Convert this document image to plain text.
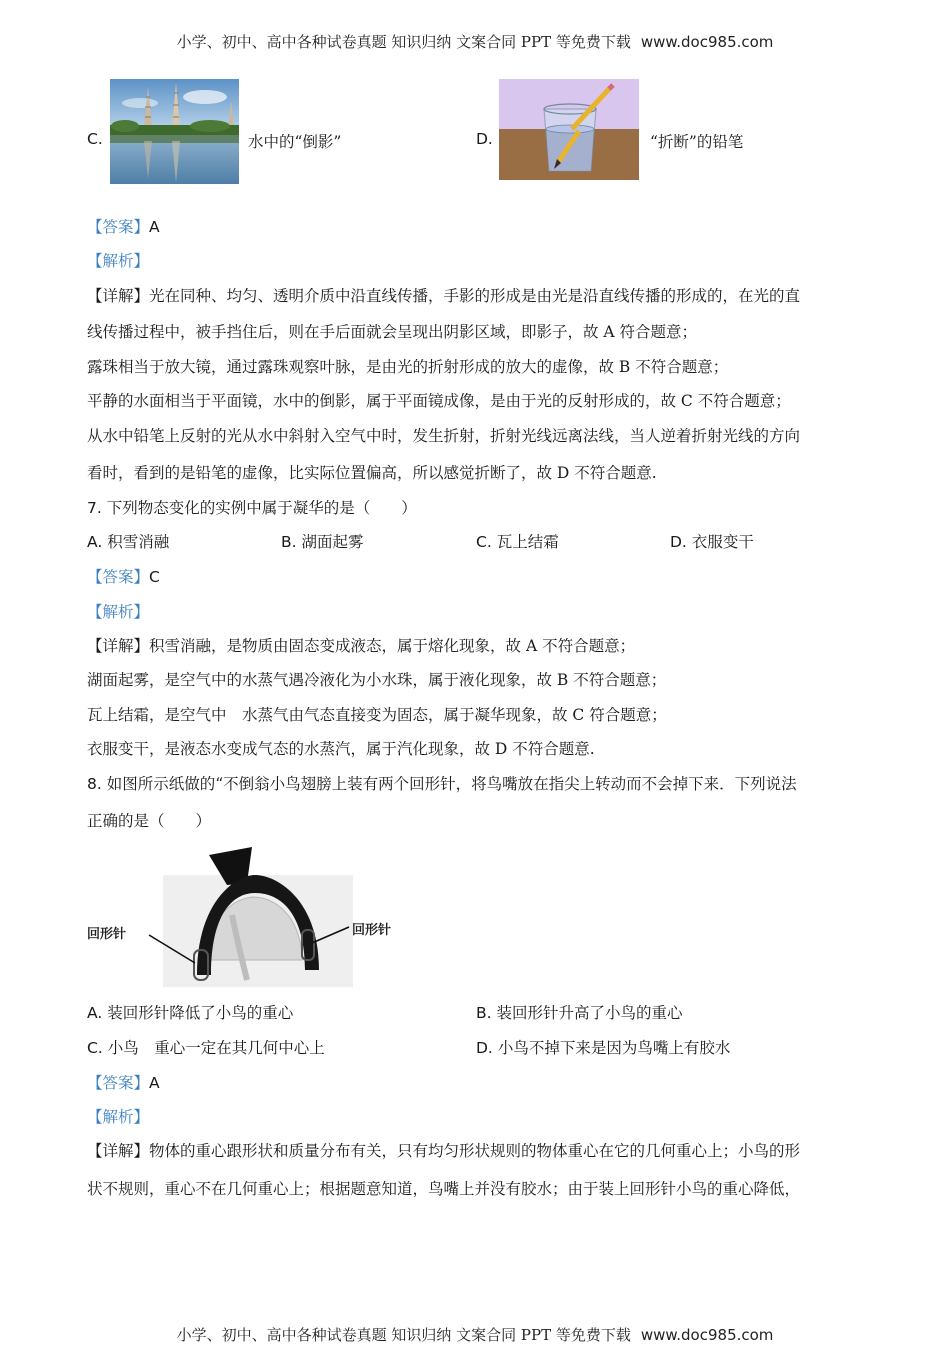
小学、初中、高中各种试卷真题 知识归纳 文案合同 PPT 等免费下载 www.doc985.com
C.	水中的“倒影”	D.	“折断”的铅笔
【答案】A
【解析】
【详解】光在同种、均匀、透明介质中沿直线传播，手影的形成是由光是沿直线传播的形成的，在光的直
线传播过程中，被手挡住后，则在手后面就会呈现出阴影区域，即影子，故 A 符合题意；
露珠相当于放大镜，通过露珠观察叶脉，是由光的折射形成的放大的虚像，故 B 不符合题意；
平静的水面相当于平面镜，水中的倒影，属于平面镜成像，是由于光的反射形成的，故 C 不符合题意；
从水中铅笔上反射的光从水中斜射入空气中时，发生折射，折射光线远离法线，当人逆着折射光线的方向
看时，看到的是铅笔的虚像，比实际位置偏高，所以感觉折断了，故 D 不符合题意.
7. 下列物态变化的实例中属于凝华的是（　　）
A. 积雪消融	B. 湖面起雾	C. 瓦上结霜	D. 衣服变干
【答案】C
【解析】
【详解】积雪消融，是物质由固态变成液态，属于熔化现象，故 A 不符合题意；
湖面起雾，是空气中的水蒸气遇冷液化为小水珠，属于液化现象，故 B 不符合题意；
瓦上结霜，是空气中　水蒸气由气态直接变为固态，属于凝华现象，故 C 符合题意；
衣服变干，是液态水变成气态的水蒸汽，属于汽化现象，故 D 不符合题意.
8. 如图所示纸做的“不倒翁小鸟翅膀上装有两个回形针，将鸟嘴放在指尖上转动而不会掉下来．下列说法
正确的是（　　）
回形针	回形针
A. 装回形针降低了小鸟的重心	B. 装回形针升高了小鸟的重心
C. 小鸟　重心一定在其几何中心上	D. 小鸟不掉下来是因为鸟嘴上有胶水
【答案】A
【解析】
【详解】物体的重心跟形状和质量分布有关，只有均匀形状规则的物体重心在它的几何重心上；小鸟的形
状不规则，重心不在几何重心上；根据题意知道，鸟嘴上并没有胶水；由于装上回形针小鸟的重心降低，
小学、初中、高中各种试卷真题 知识归纳 文案合同 PPT 等免费下载 www.doc985.com
